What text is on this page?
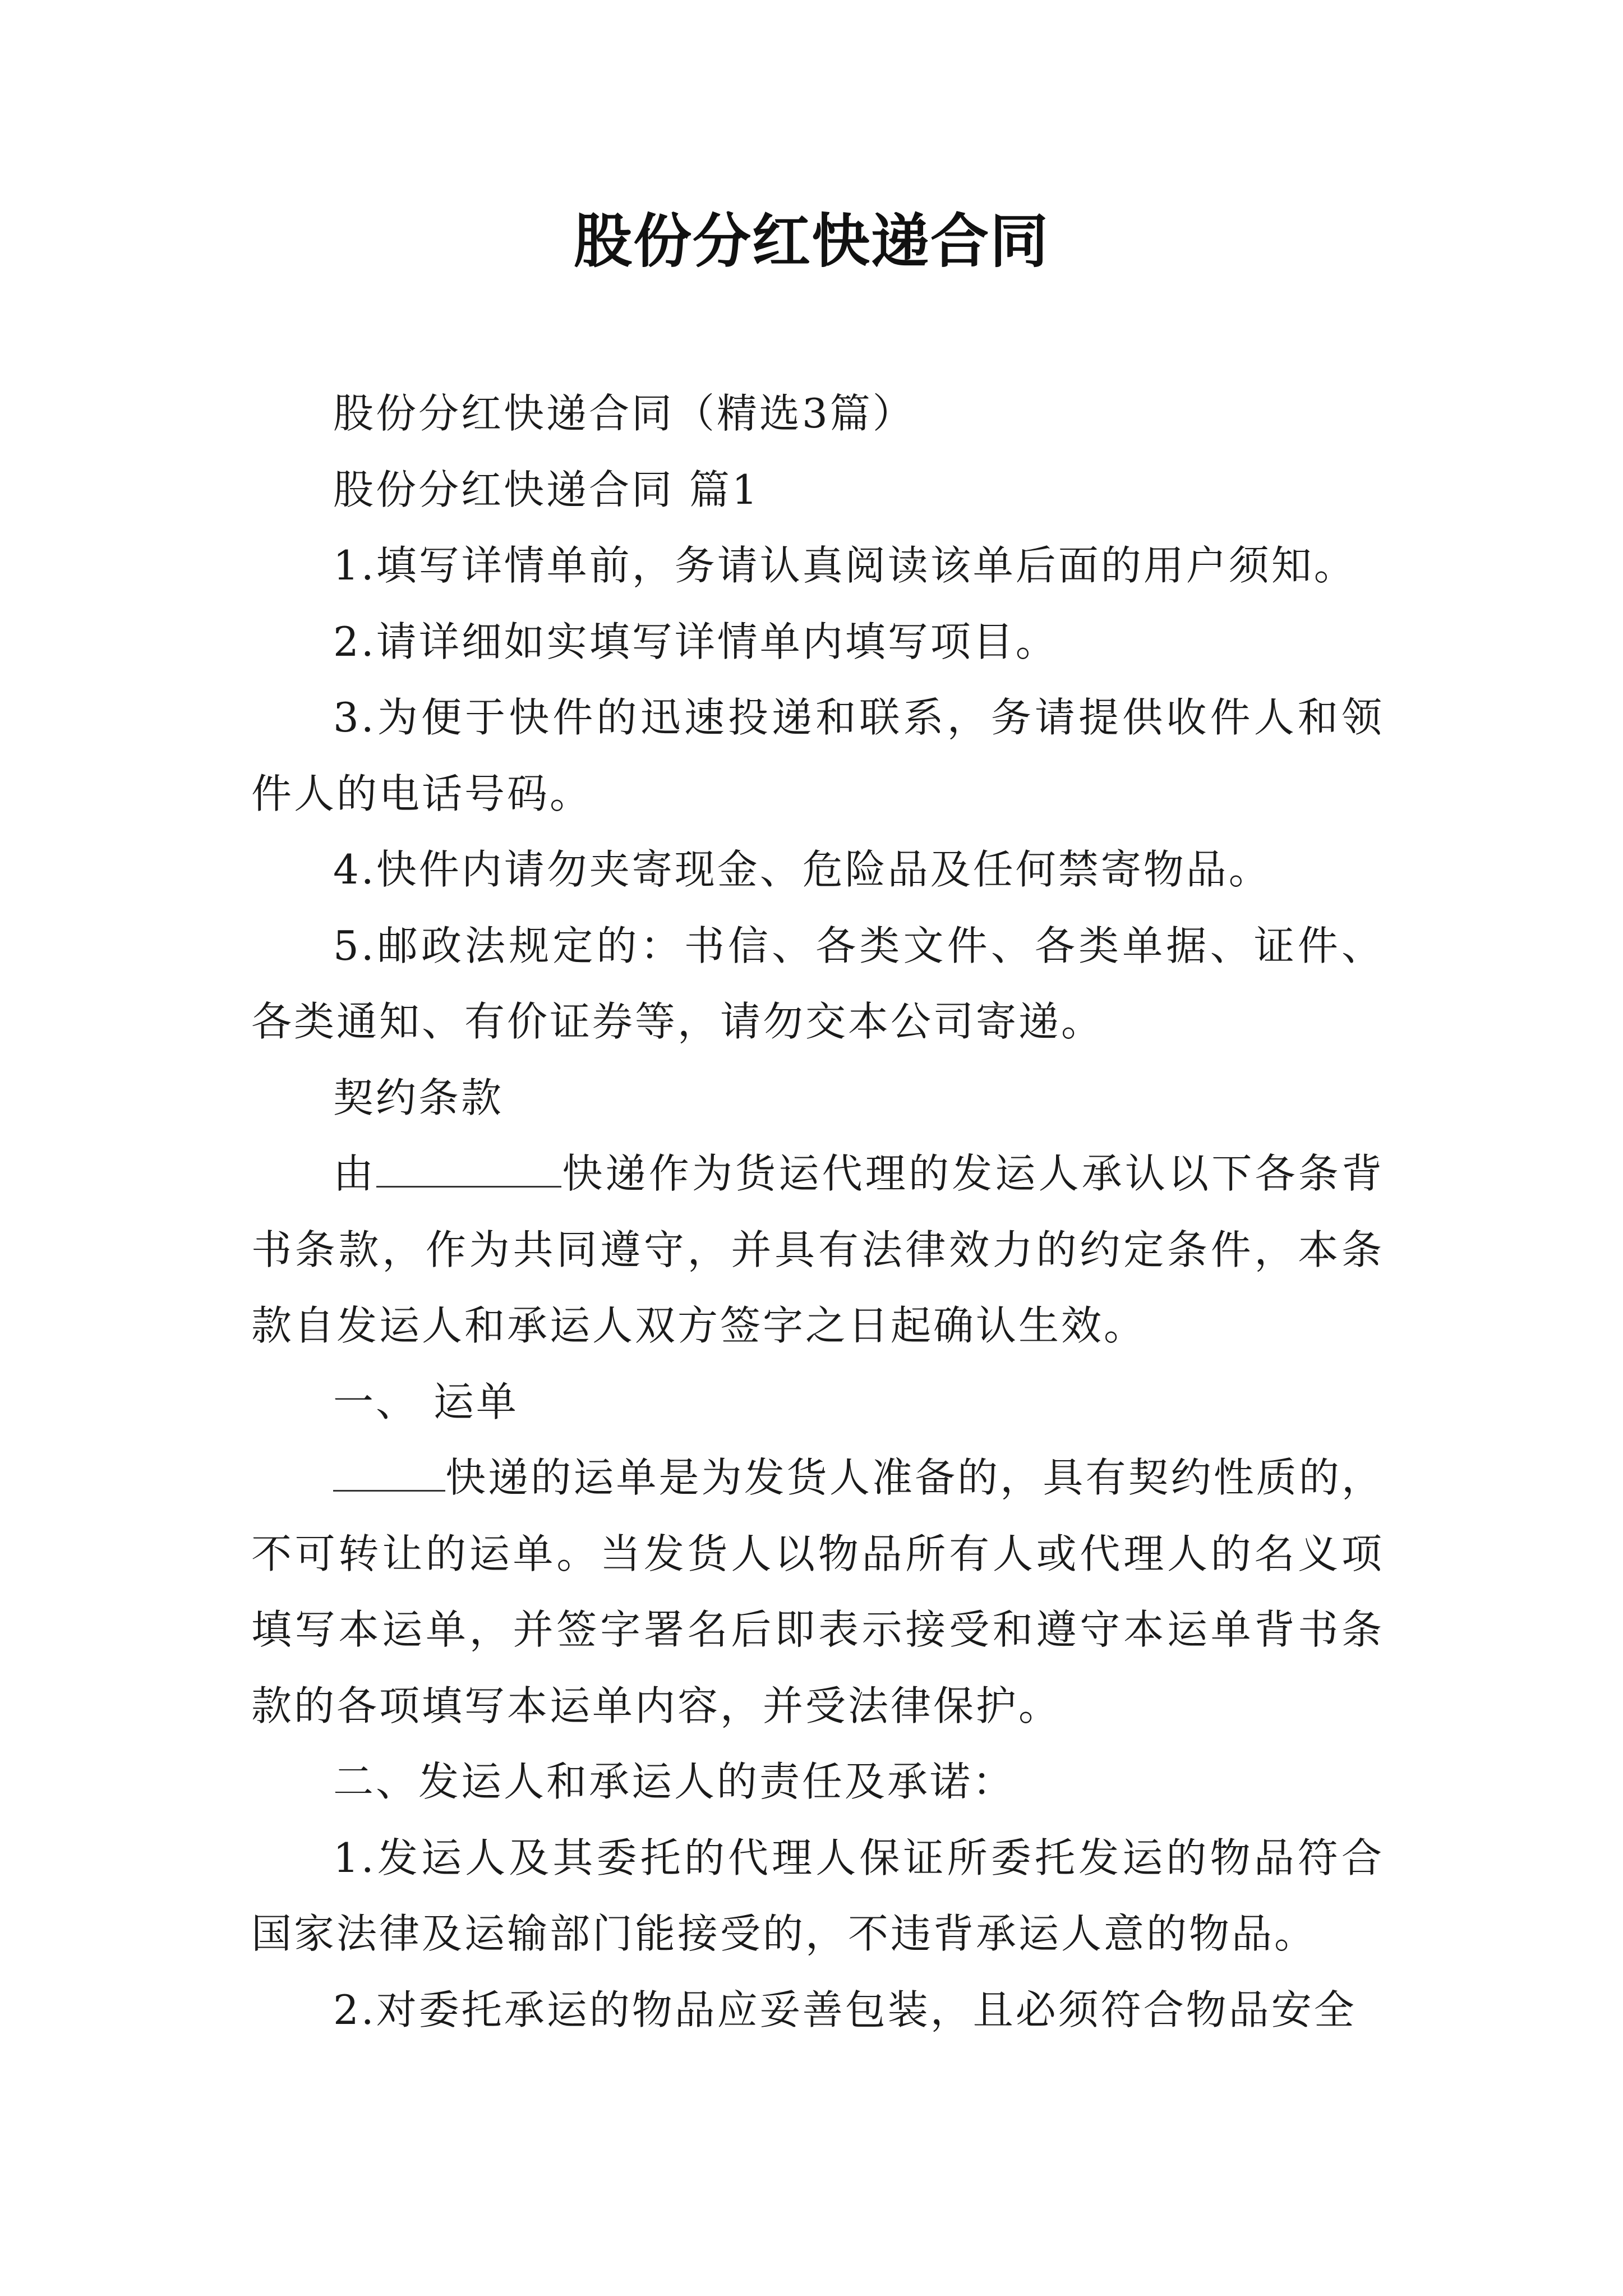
股份分红快递合同

股份分红快递合同（精选3篇）

股份分红快递合同 篇1

1.填写详情单前，务请认真阅读该单后面的用户须知。

2.请详细如实填写详情单内填写项目。

3.为便于快件的迅速投递和联系，务请提供收件人和领件人的电话号码。

4.快件内请勿夹寄现金、危险品及任何禁寄物品。

5.邮政法规定的：书信、各类文件、各类单据、证件、各类通知、有价证券等，请勿交本公司寄递。

契约条款

由	快递作为货运代理的发运人承认以下各条背书条款，作为共同遵守，并具有法律效力的约定条件，本条款自发运人和承运人双方签字之日起确认生效。

一、 运单

快递的运单是为发货人准备的，具有契约性质的，不可转让的运单。当发货人以物品所有人或代理人的名义项填写本运单，并签字署名后即表示接受和遵守本运单背书条款的各项填写本运单内容，并受法律保护。

二、发运人和承运人的责任及承诺：

1.发运人及其委托的代理人保证所委托发运的物品符合国家法律及运输部门能接受的，不违背承运人意的物品。

2.对委托承运的物品应妥善包装，且必须符合物品安全
